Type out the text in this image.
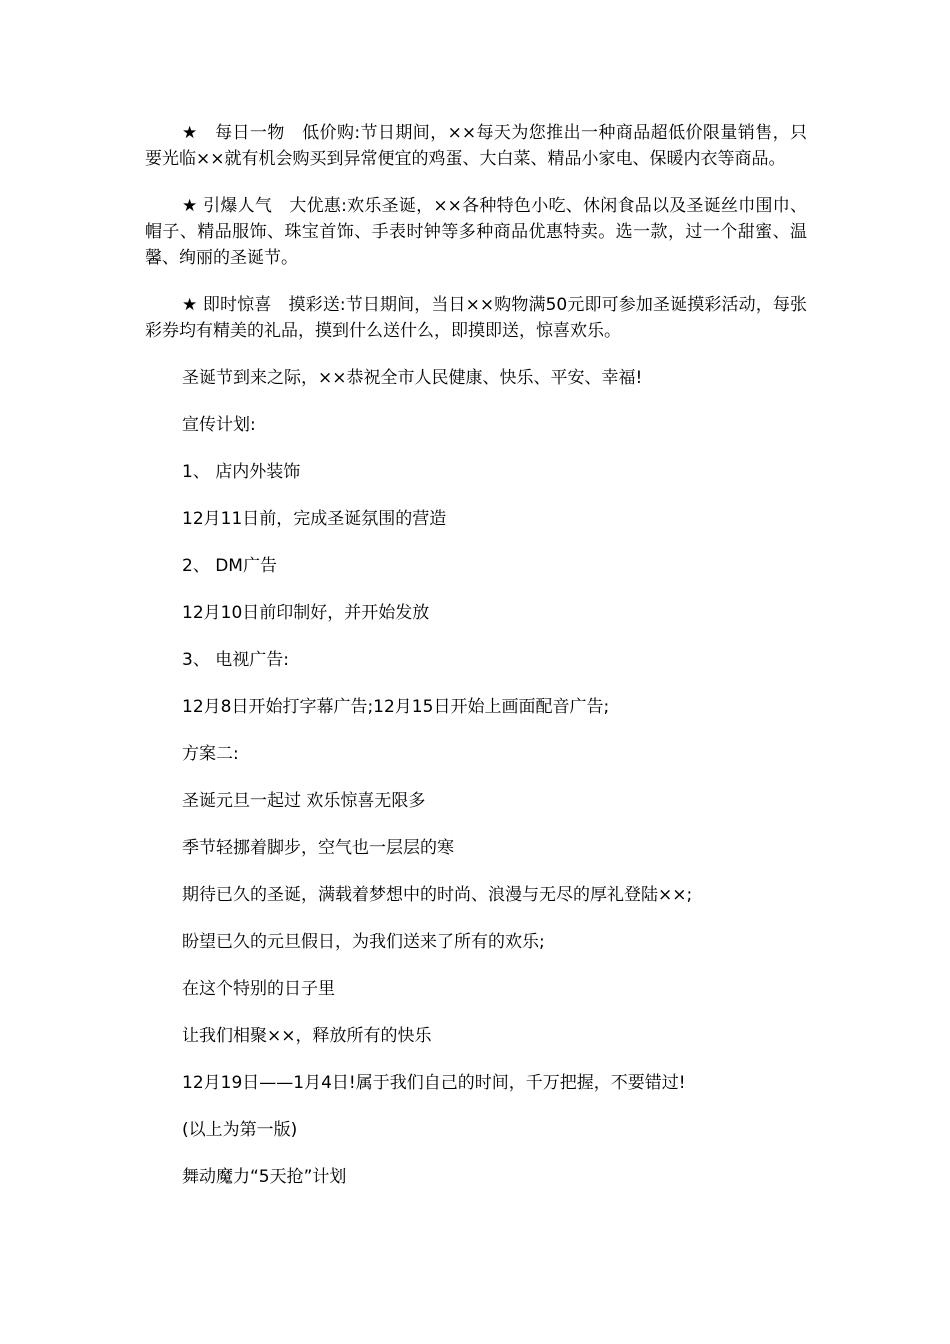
★　每日一物　低价购:节日期间，××每天为您推出一种商品超低价限量销售，只要光临××就有机会购买到异常便宜的鸡蛋、大白菜、精品小家电、保暖内衣等商品。

★ 引爆人气　大优惠:欢乐圣诞，××各种特色小吃、休闲食品以及圣诞丝巾围巾、帽子、精品服饰、珠宝首饰、手表时钟等多种商品优惠特卖。选一款，过一个甜蜜、温馨、绚丽的圣诞节。

★ 即时惊喜　摸彩送:节日期间，当日××购物满50元即可参加圣诞摸彩活动，每张彩券均有精美的礼品，摸到什么送什么，即摸即送，惊喜欢乐。

圣诞节到来之际，××恭祝全市人民健康、快乐、平安、幸福!
宣传计划:
1、 店内外装饰
12月11日前，完成圣诞氛围的营造
2、 DM广告
12月10日前印制好，并开始发放
3、 电视广告:
12月8日开始打字幕广告;12月15日开始上画面配音广告;
方案二:
圣诞元旦一起过 欢乐惊喜无限多
季节轻挪着脚步，空气也一层层的寒
期待已久的圣诞，满载着梦想中的时尚、浪漫与无尽的厚礼登陆××;
盼望已久的元旦假日，为我们送来了所有的欢乐;
在这个特别的日子里
让我们相聚××，释放所有的快乐
12月19日——1月4日!属于我们自己的时间，千万把握，不要错过!
(以上为第一版)
舞动魔力“5天抢”计划
